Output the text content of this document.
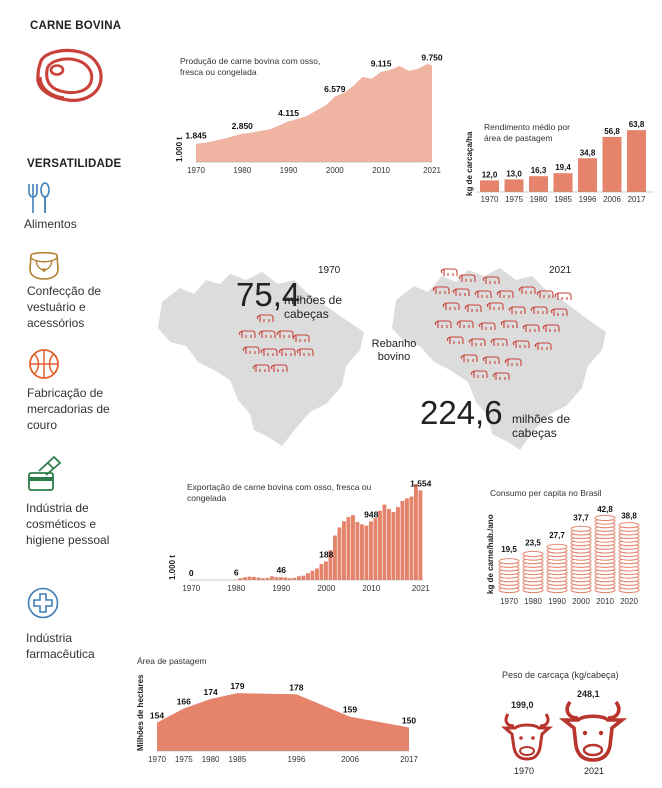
CARNE BOVINA
VERSATILIDADE
Alimentos
Confecção de vestuário e acessórios
Fabricação de mercadorias de couro
Indústria de cosméticos e higiene pessoal
Indústria farmacêutica
1970	1980	1990	2000	2010	2021
1.845
2.850
4.115
6.579
9.115
9.750
1.000 t
Produção de carne bovina com osso,
fresca ou congelada
Rendimento médio por
área de pastagem
12,0
1970
13,0
1975
16,3
1980
19,4
1985
34,8
1996
56,8
2006
63,8
2017
kg de carcaça/ha
Exportação de carne bovina com osso, fresca ou
congelada
1970	1980	1990	2000	2010	2021
0	6	46
188
948
1.554
1.000 t
Consumo per capita no Brasil
19,5
1970
23,5
1980
27,7
1990
37,7
2000
42,8
2010
38,8
2020
kg de carne/hab./ano
Área de pastagem
154
1970
166
1975
174
1980
179
1985
178
1996
159
2006
150
2017
Milhões de hectares
1970
75,4
milhões de cabeças
2021
224,6 milhões de cabeças
Rebanho bovino
Peso de carcaça (kg/cabeça)
199,0
248,1
1970	2021
